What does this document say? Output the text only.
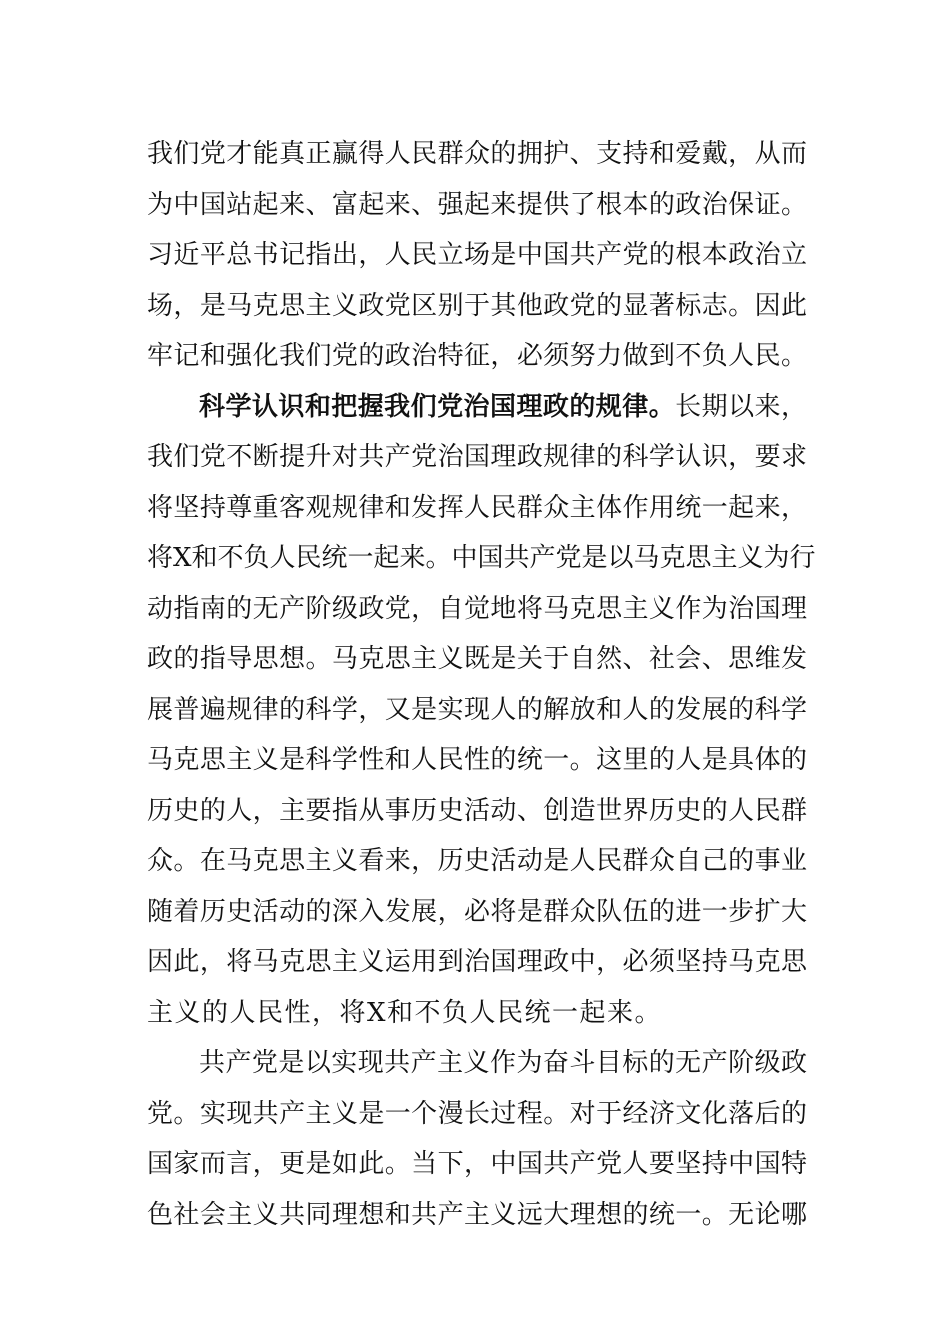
我们党才能真正赢得人民群众的拥护、支持和爱戴，从而
为中国站起来、富起来、强起来提供了根本的政治保证。
习近平总书记指出，人民立场是中国共产党的根本政治立
场，是马克思主义政党区别于其他政党的显著标志。因此
牢记和强化我们党的政治特征，必须努力做到不负人民。
科学认识和把握我们党治国理政的规律。长期以来，
我们党不断提升对共产党治国理政规律的科学认识，要求
将坚持尊重客观规律和发挥人民群众主体作用统一起来，
将X和不负人民统一起来。中国共产党是以马克思主义为行
动指南的无产阶级政党，自觉地将马克思主义作为治国理
政的指导思想。马克思主义既是关于自然、社会、思维发
展普遍规律的科学，又是实现人的解放和人的发展的科学
马克思主义是科学性和人民性的统一。这里的人是具体的
历史的人，主要指从事历史活动、创造世界历史的人民群
众。在马克思主义看来，历史活动是人民群众自己的事业
随着历史活动的深入发展，必将是群众队伍的进一步扩大
因此，将马克思主义运用到治国理政中，必须坚持马克思
主义的人民性，将X和不负人民统一起来。
共产党是以实现共产主义作为奋斗目标的无产阶级政
党。实现共产主义是一个漫长过程。对于经济文化落后的
国家而言，更是如此。当下，中国共产党人要坚持中国特
色社会主义共同理想和共产主义远大理想的统一。无论哪
